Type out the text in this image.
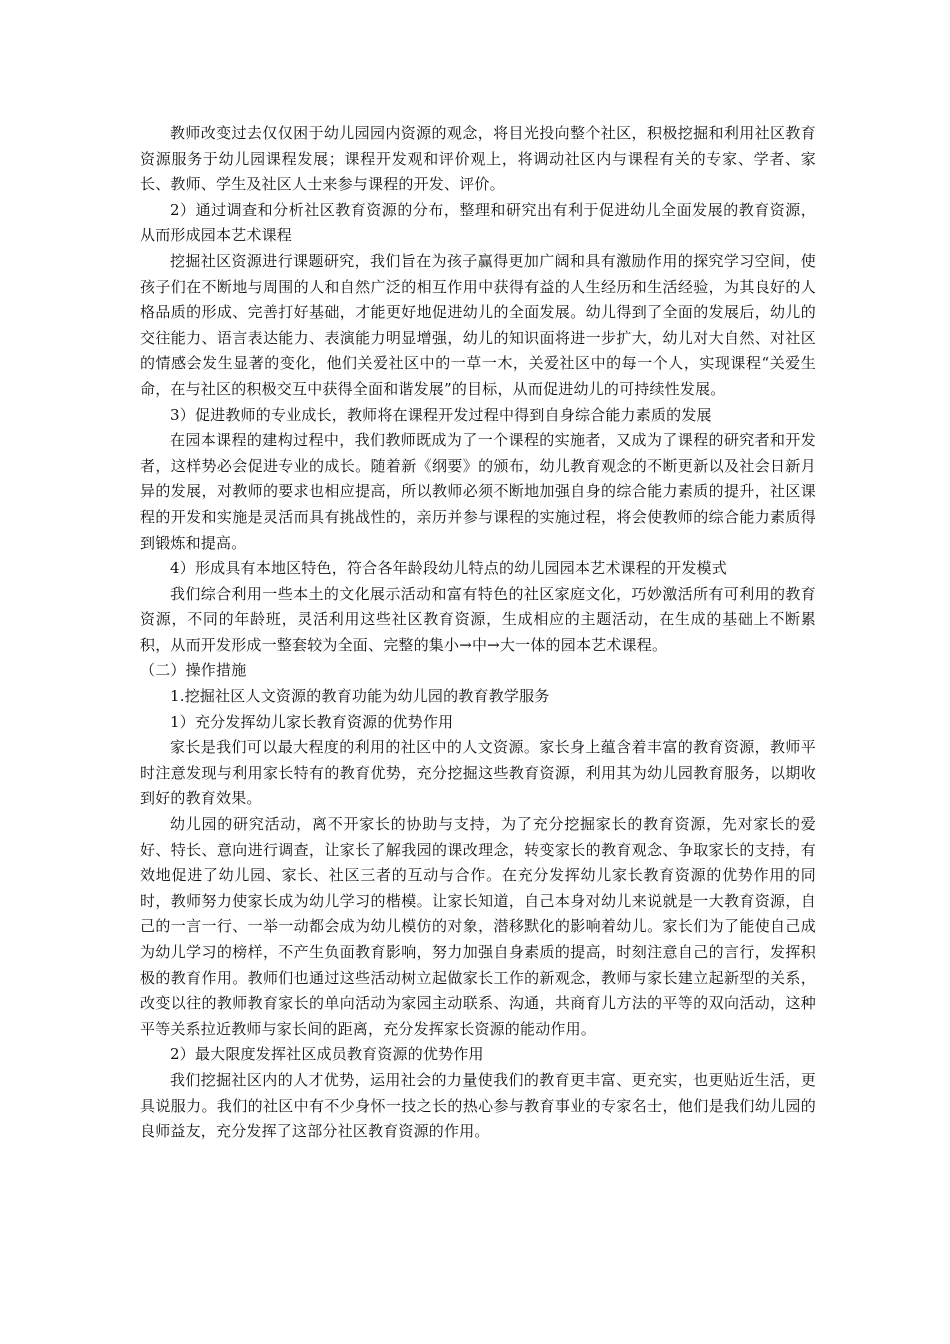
教师改变过去仅仅困于幼儿园园内资源的观念，将目光投向整个社区，积极挖掘和利用社区教育资源服务于幼儿园课程发展；课程开发观和评价观上，将调动社区内与课程有关的专家、学者、家长、教师、学生及社区人士来参与课程的开发、评价。

2）通过调查和分析社区教育资源的分布，整理和研究出有利于促进幼儿全面发展的教育资源，从而形成园本艺术课程

挖掘社区资源进行课题研究，我们旨在为孩子赢得更加广阔和具有激励作用的探究学习空间，使孩子们在不断地与周围的人和自然广泛的相互作用中获得有益的人生经历和生活经验，为其良好的人格品质的形成、完善打好基础，才能更好地促进幼儿的全面发展。幼儿得到了全面的发展后，幼儿的交往能力、语言表达能力、表演能力明显增强，幼儿的知识面将进一步扩大，幼儿对大自然、对社区的情感会发生显著的变化，他们关爱社区中的一草一木，关爱社区中的每一个人，实现课程“关爱生命，在与社区的积极交互中获得全面和谐发展”的目标，从而促进幼儿的可持续性发展。

3）促进教师的专业成长，教师将在课程开发过程中得到自身综合能力素质的发展

在园本课程的建构过程中，我们教师既成为了一个课程的实施者，又成为了课程的研究者和开发者，这样势必会促进专业的成长。随着新《纲要》的颁布，幼儿教育观念的不断更新以及社会日新月异的发展，对教师的要求也相应提高，所以教师必须不断地加强自身的综合能力素质的提升，社区课程的开发和实施是灵活而具有挑战性的，亲历并参与课程的实施过程，将会使教师的综合能力素质得到锻炼和提高。

4）形成具有本地区特色，符合各年龄段幼儿特点的幼儿园园本艺术课程的开发模式

我们综合利用一些本土的文化展示活动和富有特色的社区家庭文化，巧妙激活所有可利用的教育资源，不同的年龄班，灵活利用这些社区教育资源，生成相应的主题活动，在生成的基础上不断累积，从而开发形成一整套较为全面、完整的集小→中→大一体的园本艺术课程。

（二）操作措施

1.挖掘社区人文资源的教育功能为幼儿园的教育教学服务

1）充分发挥幼儿家长教育资源的优势作用

家长是我们可以最大程度的利用的社区中的人文资源。家长身上蕴含着丰富的教育资源，教师平时注意发现与利用家长特有的教育优势，充分挖掘这些教育资源，利用其为幼儿园教育服务，以期收到好的教育效果。

幼儿园的研究活动，离不开家长的协助与支持，为了充分挖掘家长的教育资源，先对家长的爱好、特长、意向进行调查，让家长了解我园的课改理念，转变家长的教育观念、争取家长的支持，有效地促进了幼儿园、家长、社区三者的互动与合作。在充分发挥幼儿家长教育资源的优势作用的同时，教师努力使家长成为幼儿学习的楷模。让家长知道，自己本身对幼儿来说就是一大教育资源，自己的一言一行、一举一动都会成为幼儿模仿的对象，潜移默化的影响着幼儿。家长们为了能使自己成为幼儿学习的榜样，不产生负面教育影响，努力加强自身素质的提高，时刻注意自己的言行，发挥积极的教育作用。教师们也通过这些活动树立起做家长工作的新观念，教师与家长建立起新型的关系，改变以往的教师教育家长的单向活动为家园主动联系、沟通，共商育儿方法的平等的双向活动，这种平等关系拉近教师与家长间的距离，充分发挥家长资源的能动作用。

2）最大限度发挥社区成员教育资源的优势作用

我们挖掘社区内的人才优势，运用社会的力量使我们的教育更丰富、更充实，也更贴近生活，更具说服力。我们的社区中有不少身怀一技之长的热心参与教育事业的专家名士，他们是我们幼儿园的良师益友，充分发挥了这部分社区教育资源的作用。
